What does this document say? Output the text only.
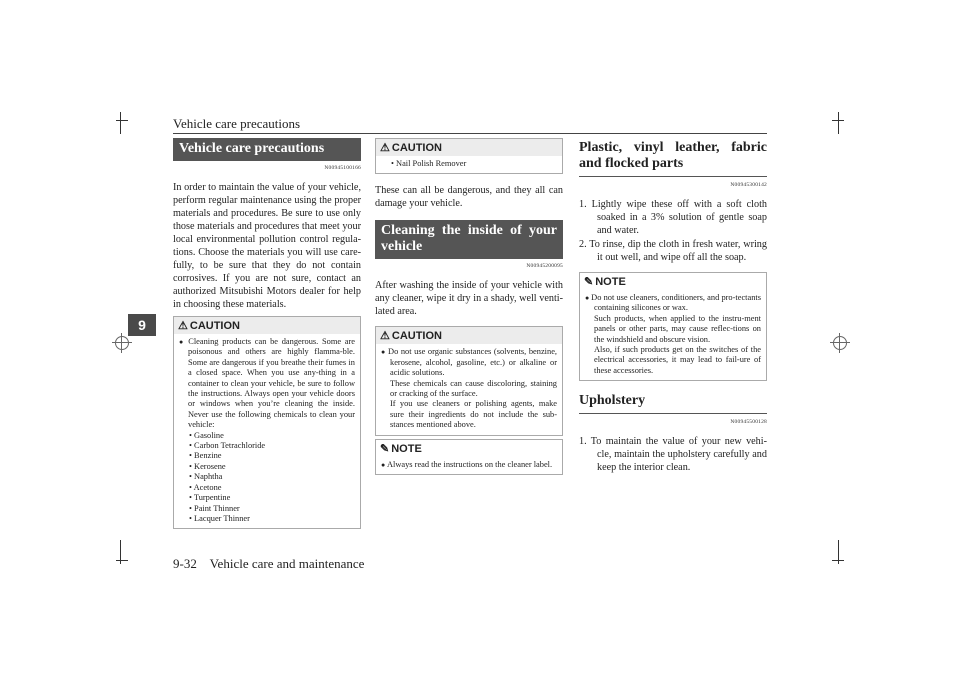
Vehicle care precautions
9
9-32 Vehicle care and maintenance
Vehicle care precautions
N00945100166

In order to maintain the value of your vehicle, perform regular maintenance using the proper materials and procedures. Be sure to use only those materials and procedures that meet your local environmental pollution control regula-tions. Choose the materials you will use care-fully, to be sure that they do not contain corrosives. If you are not sure, contact an authorized Mitsubishi Motors dealer for help in choosing these materials.

⚠ CAUTION
● Cleaning products can be dangerous. Some are poisonous and others are highly flamma-ble. Some are dangerous if you breathe their fumes in a closed space. When you use any-thing in a container to clean your vehicle, be sure to follow the instructions. Always open your vehicle doors or windows when you’re cleaning the inside. Never use the following chemicals to clean your vehicle:
• Gasoline
• Carbon Tetrachloride
• Benzine
• Kerosene
• Naphtha
• Acetone
• Turpentine
• Paint Thinner
• Lacquer Thinner
⚠ CAUTION
• Nail Polish Remover

These can all be dangerous, and they all can damage your vehicle.

Cleaning the inside of your vehicle
N00945200095

After washing the inside of your vehicle with any cleaner, wipe it dry in a shady, well venti-lated area.

⚠ CAUTION
● Do not use organic substances (solvents, benzine, kerosene, alcohol, gasoline, etc.) or alkaline or acidic solutions.
These chemicals can cause discoloring, staining or cracking of the surface.
If you use cleaners or polishing agents, make sure their ingredients do not include the sub-stances mentioned above.
✎ NOTE
● Always read the instructions on the cleaner label.
Plastic, vinyl leather, fabric and flocked parts
N00945300142
1. Lightly wipe these off with a soft cloth soaked in a 3% solution of gentle soap and water.
2. To rinse, dip the cloth in fresh water, wring it out well, and wipe off all the soap.
✎ NOTE
● Do not use cleaners, conditioners, and pro-tectants containing silicones or wax.
Such products, when applied to the instru-ment panels or other parts, may cause reflec-tions on the windshield and obscure vision.
Also, if such products get on the switches of the electrical accessories, it may lead to fail-ure of these accessories.
Upholstery
N00945500128
1. To maintain the value of your new vehi-cle, maintain the upholstery carefully and keep the interior clean.
